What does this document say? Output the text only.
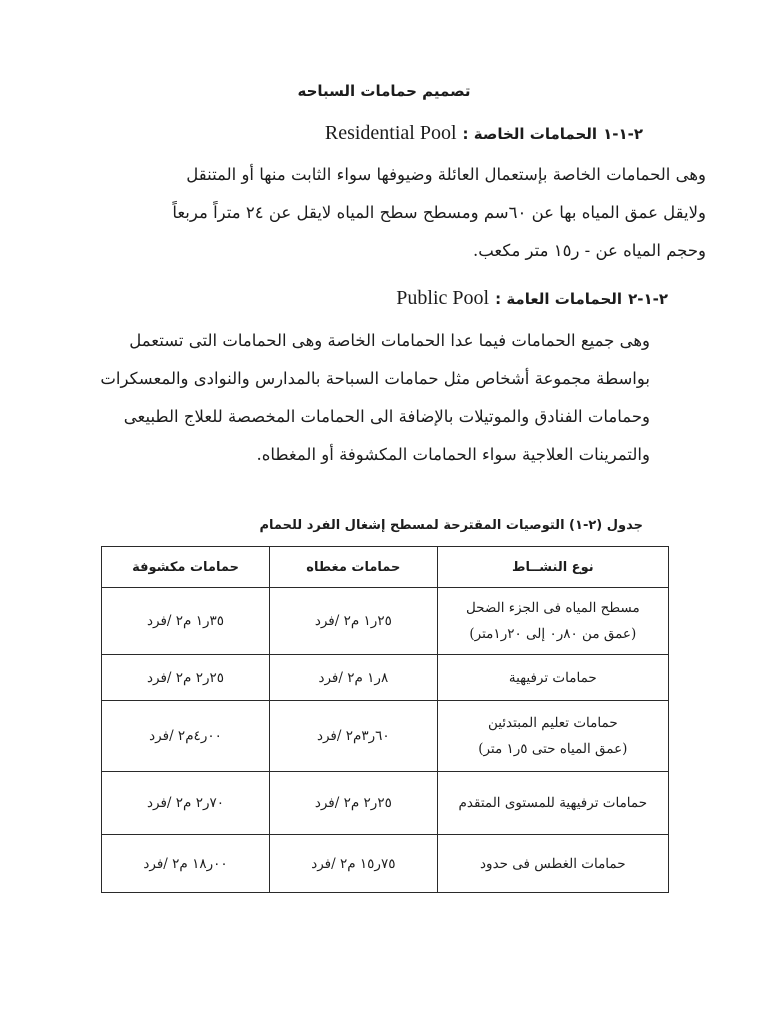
تصميم حمامات السباحه
٢-١-١
الحمامات الخاصة :
Residential Pool
وهى الحمامات الخاصة بإستعمال العائلة وضيوفها سواء الثابت منها أو المتنقل
ولايقل عمق المياه بها عن ٦٠سم ومسطح سطح المياه لايقل عن ٢٤ متراً مربعاً
وحجم المياه عن - ر١٥ متر مكعب.
٢-١-٢
الحمامات العامة :
Public Pool
وهى جميع الحمامات فيما عدا الحمامات الخاصة وهى الحمامات التى تستعمل
بواسطة مجموعة أشخاص مثل حمامات السباحة بالمدارس والنوادى والمعسكرات
وحمامات الفنادق والموتيلات بالإضافة الى الحمامات المخصصة للعلاج الطبيعى
والتمرينات العلاجية سواء الحمامات المكشوفة أو المغطاه.
جدول (٢-١) التوصيات المقترحة لمسطح إشغال الفرد للحمام
نوع النشــاط	حمامات مغطاه	حمامات مكشوفة

مسطح المياه فى الجزء الضحل
(عمق من ٨٠ر٠ إلى ٢٠ر١متر)	٢٥ر١ م٢ /فرد	٣٥ر١ م٢ /فرد

حمامات ترفيهية	٨ر١ م٢ /فرد	٢٥ر٢ م٢ /فرد

حمامات تعليم المبتدئين
(عمق المياه حتى ٥ر١ متر)	٦٠ر٣م٢ /فرد	٠٠ر٤م٢ /فرد

حمامات ترفيهية للمستوى المتقدم	٢٥ر٢ م٢ /فرد	٧٠ر٢ م٢ /فرد

حمامات الغطس فى حدود	٧٥ر١٥ م٢ /فرد	٠٠ر١٨ م٢ /فرد
